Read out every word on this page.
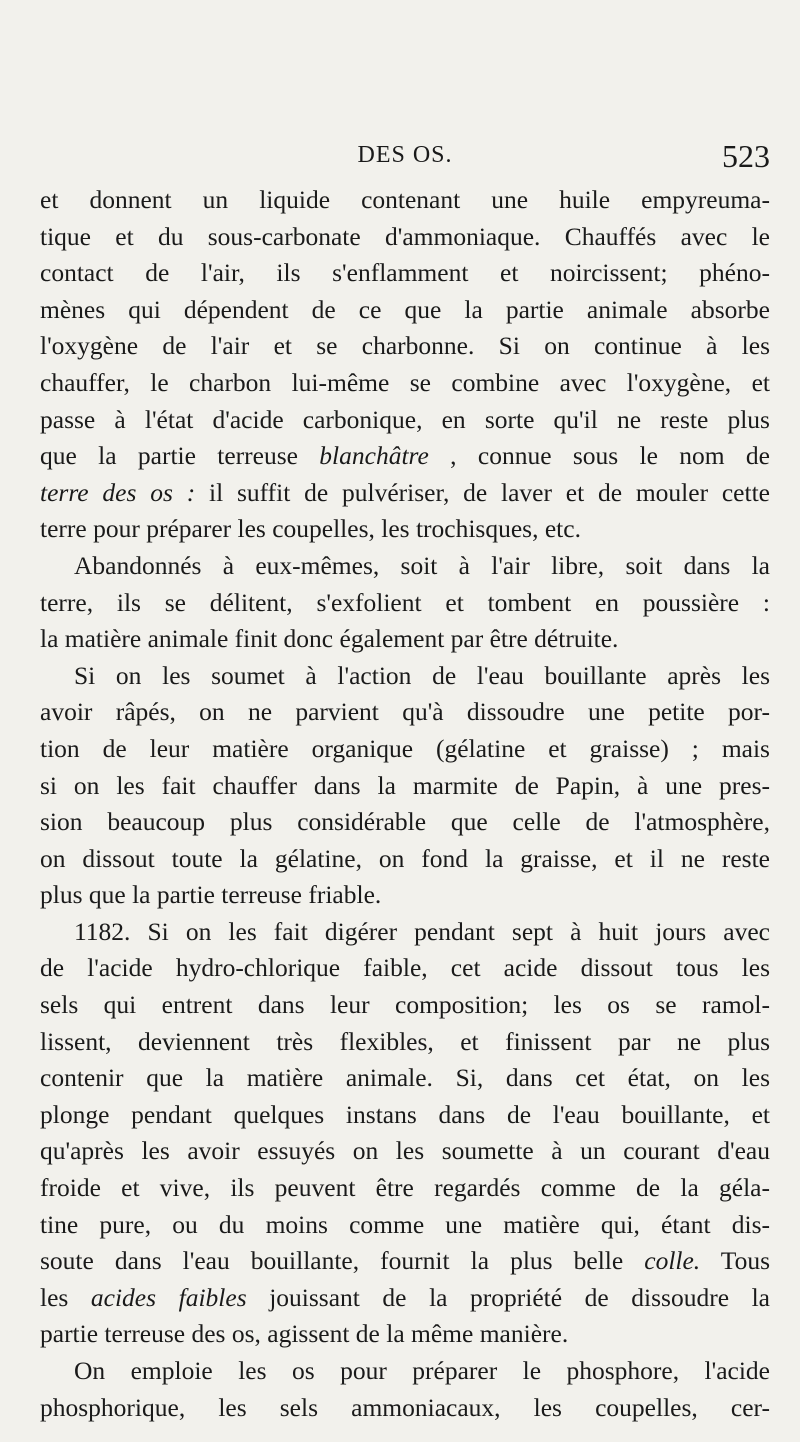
DES OS.	523
et donnent un liquide contenant une huile empyreuma-
tique et du sous-carbonate d'ammoniaque. Chauffés avec le
contact de l'air, ils s'enflamment et noircissent; phéno-
mènes qui dépendent de ce que la partie animale absorbe
l'oxygène de l'air et se charbonne. Si on continue à les
chauffer, le charbon lui-même se combine avec l'oxygène, et
passe à l'état d'acide carbonique, en sorte qu'il ne reste plus
que la partie terreuse blanchâtre , connue sous le nom de
terre des os : il suffit de pulvériser, de laver et de mouler cette
terre pour préparer les coupelles, les trochisques, etc.
Abandonnés à eux-mêmes, soit à l'air libre, soit dans la
terre, ils se délitent, s'exfolient et tombent en poussière :
la matière animale finit donc également par être détruite.
Si on les soumet à l'action de l'eau bouillante après les
avoir râpés, on ne parvient qu'à dissoudre une petite por-
tion de leur matière organique (gélatine et graisse) ; mais
si on les fait chauffer dans la marmite de Papin, à une pres-
sion beaucoup plus considérable que celle de l'atmosphère,
on dissout toute la gélatine, on fond la graisse, et il ne reste
plus que la partie terreuse friable.
1182. Si on les fait digérer pendant sept à huit jours avec
de l'acide hydro-chlorique faible, cet acide dissout tous les
sels qui entrent dans leur composition; les os se ramol-
lissent, deviennent très flexibles, et finissent par ne plus
contenir que la matière animale. Si, dans cet état, on les
plonge pendant quelques instans dans de l'eau bouillante, et
qu'après les avoir essuyés on les soumette à un courant d'eau
froide et vive, ils peuvent être regardés comme de la géla-
tine pure, ou du moins comme une matière qui, étant dis-
soute dans l'eau bouillante, fournit la plus belle colle. Tous
les acides faibles jouissant de la propriété de dissoudre la
partie terreuse des os, agissent de la même manière.
On emploie les os pour préparer le phosphore, l'acide
phosphorique, les sels ammoniacaux, les coupelles, cer-
